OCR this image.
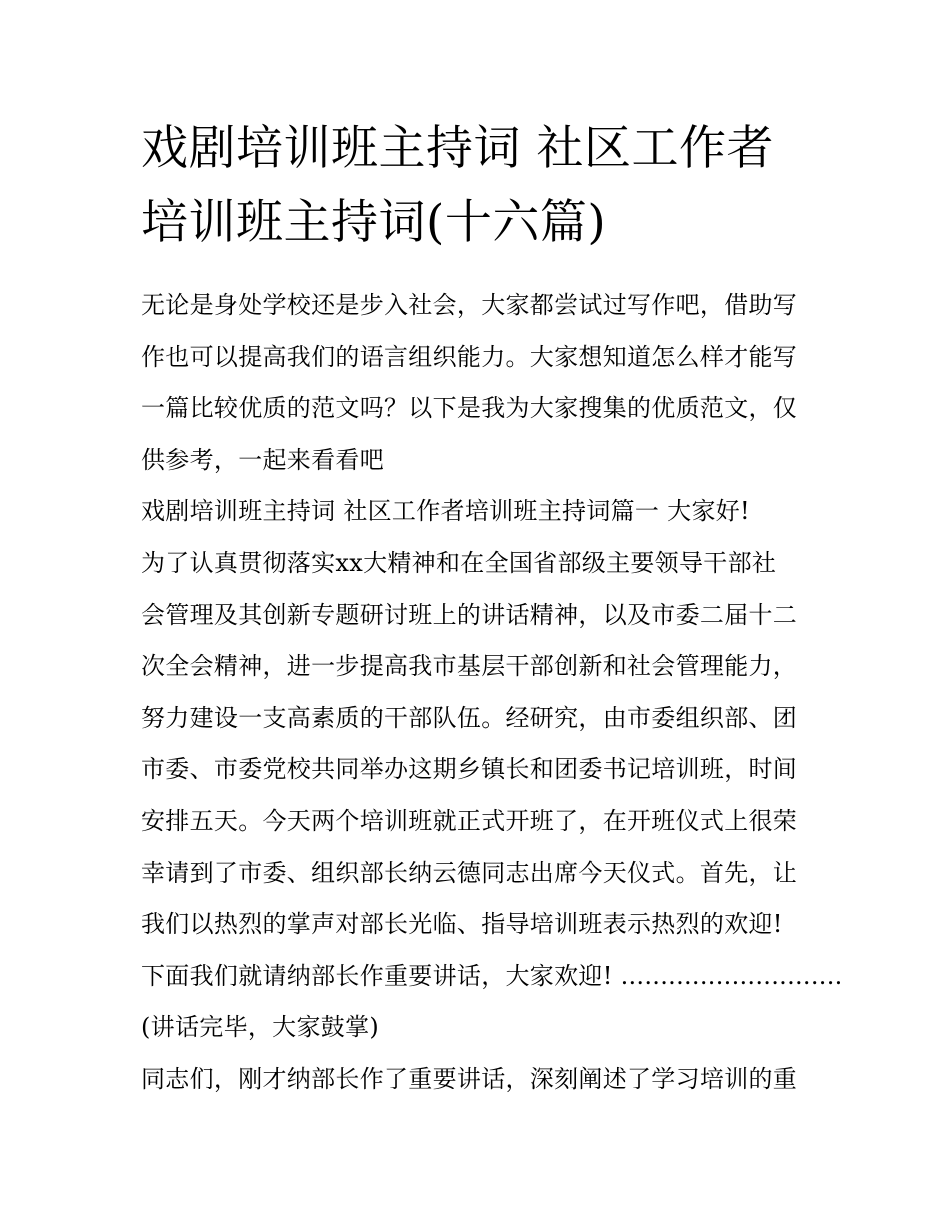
戏剧培训班主持词 社区工作者
培训班主持词(十六篇)

无论是身处学校还是步入社会，大家都尝试过写作吧，借助写
作也可以提高我们的语言组织能力。大家想知道怎么样才能写
一篇比较优质的范文吗？以下是我为大家搜集的优质范文，仅
供参考，一起来看看吧

戏剧培训班主持词 社区工作者培训班主持词篇一 大家好!

为了认真贯彻落实xx大精神和在全国省部级主要领导干部社
会管理及其创新专题研讨班上的讲话精神，以及市委二届十二
次全会精神，进一步提高我市基层干部创新和社会管理能力，
努力建设一支高素质的干部队伍。经研究，由市委组织部、团
市委、市委党校共同举办这期乡镇长和团委书记培训班，时间
安排五天。今天两个培训班就正式开班了，在开班仪式上很荣
幸请到了市委、组织部长纳云德同志出席今天仪式。首先，让
我们以热烈的掌声对部长光临、指导培训班表示热烈的欢迎!
下面我们就请纳部长作重要讲话，大家欢迎! ............................

(讲话完毕，大家鼓掌)

同志们，刚才纳部长作了重要讲话，深刻阐述了学习培训的重
